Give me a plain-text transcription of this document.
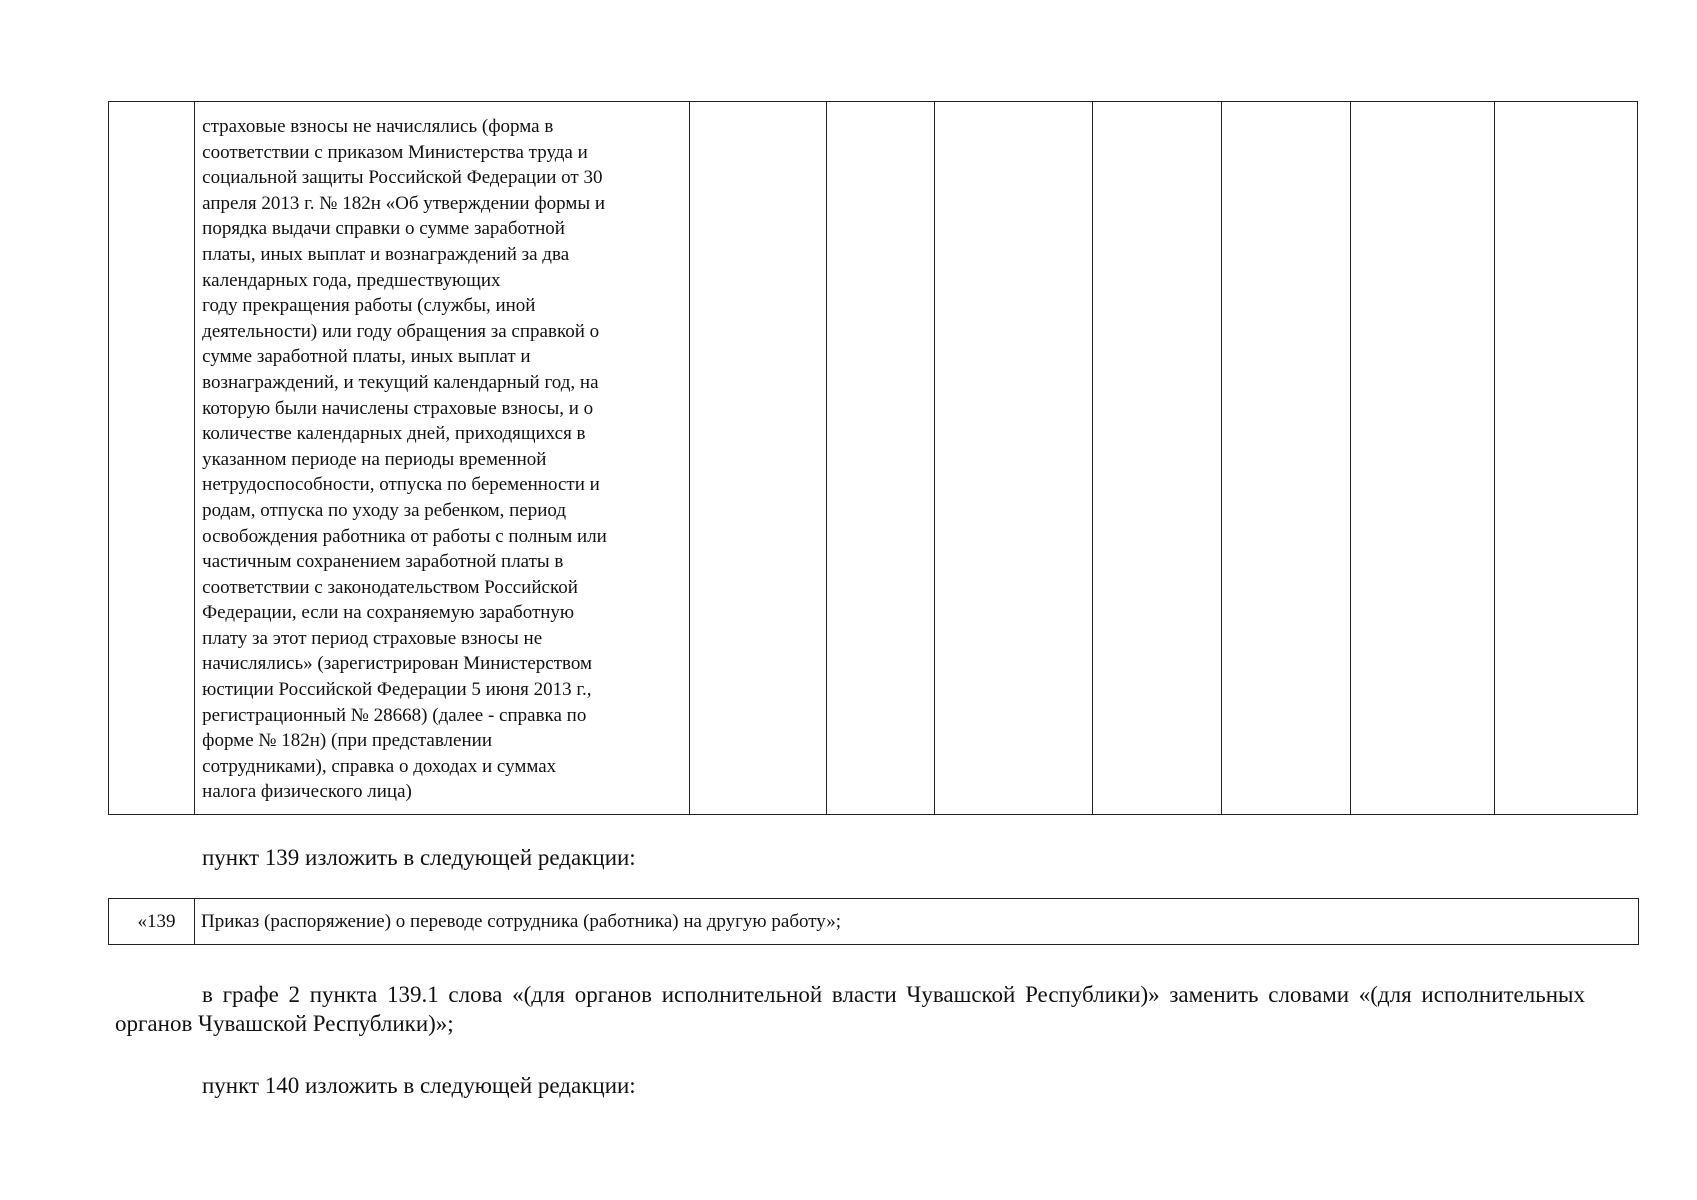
страховые взносы не начислялись (форма в
соответствии с приказом Министерства труда и
социальной защиты Российской Федерации от 30
апреля 2013 г. № 182н «Об утверждении формы и
порядка выдачи справки о сумме заработной
платы, иных выплат и вознаграждений за два
календарных года, предшествующих
году прекращения работы (службы, иной
деятельности) или году обращения за справкой о
сумме заработной платы, иных выплат и
вознаграждений, и текущий календарный год, на
которую были начислены страховые взносы, и о
количестве календарных дней, приходящихся в
указанном периоде на периоды временной
нетрудоспособности, отпуска по беременности и
родам, отпуска по уходу за ребенком, период
освобождения работника от работы с полным или
частичным сохранением заработной платы в
соответствии с законодательством Российской
Федерации, если на сохраняемую заработную
плату за этот период страховые взносы не
начислялись» (зарегистрирован Министерством
юстиции Российской Федерации 5 июня 2013 г.,
регистрационный № 28668) (далее - справка по
форме № 182н) (при представлении
сотрудниками), справка о доходах и суммах
налога физического лица)

пункт 139 изложить в следующей редакции:
«139	Приказ (распоряжение) о переводе сотрудника (работника) на другую работу»;
в графе 2 пункта 139.1 слова «(для органов исполнительной власти Чувашской Республики)» заменить словами «(для исполнительных органов Чувашской Республики)»;
пункт 140 изложить в следующей редакции:
